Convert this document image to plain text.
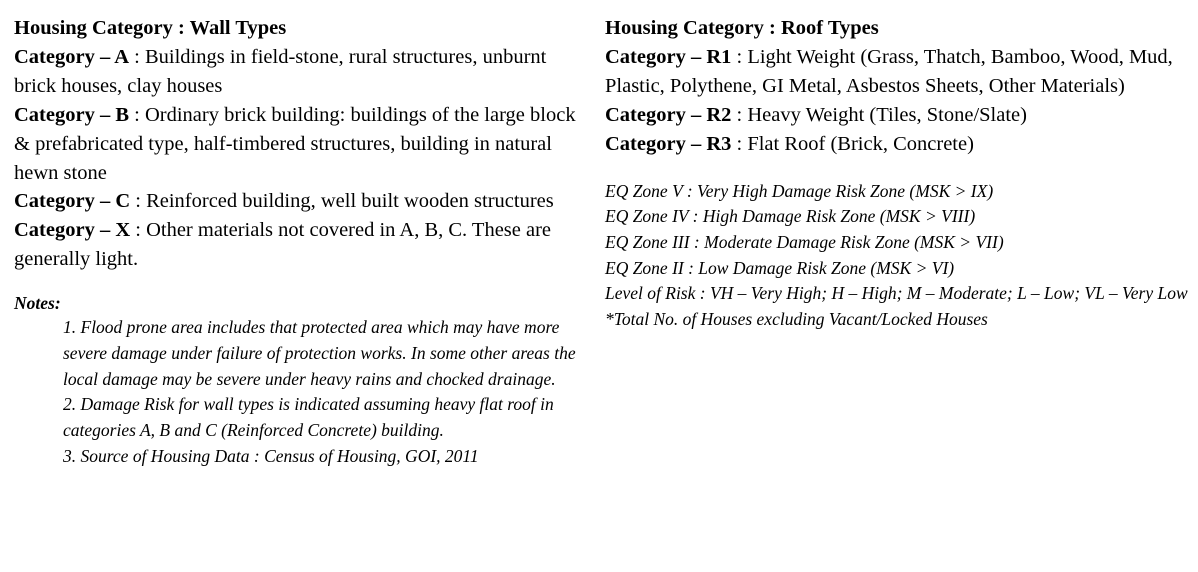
Housing Category : Wall Types

Category – A : Buildings in field-stone, rural structures, unburnt brick houses, clay houses

Category – B : Ordinary brick building: buildings of the large block & prefabricated type, half-timbered structures, building in natural hewn stone

Category – C : Reinforced building, well built wooden structures

Category – X : Other materials not covered in A, B, C. These are generally light.

Notes:
1. Flood prone area includes that protected area which may have more severe damage under failure of protection works. In some other areas the local damage may be severe under heavy rains and chocked drainage.
2. Damage Risk for wall types is indicated assuming heavy flat roof in categories A, B and C (Reinforced Concrete) building.
3. Source of Housing Data : Census of Housing, GOI, 2011

Housing Category : Roof Types

Category – R1 : Light Weight (Grass, Thatch, Bamboo, Wood, Mud, Plastic, Polythene, GI Metal, Asbestos Sheets, Other Materials)

Category – R2 : Heavy Weight (Tiles, Stone/Slate)

Category – R3 : Flat Roof (Brick, Concrete)

EQ Zone V : Very High Damage Risk Zone (MSK > IX)
EQ Zone IV : High Damage Risk Zone (MSK > VIII)
EQ Zone III : Moderate Damage Risk Zone (MSK > VII)
EQ Zone II : Low Damage Risk Zone (MSK > VI)
Level of Risk : VH – Very High; H – High; M – Moderate; L – Low; VL – Very Low
*Total No. of Houses excluding Vacant/Locked Houses
